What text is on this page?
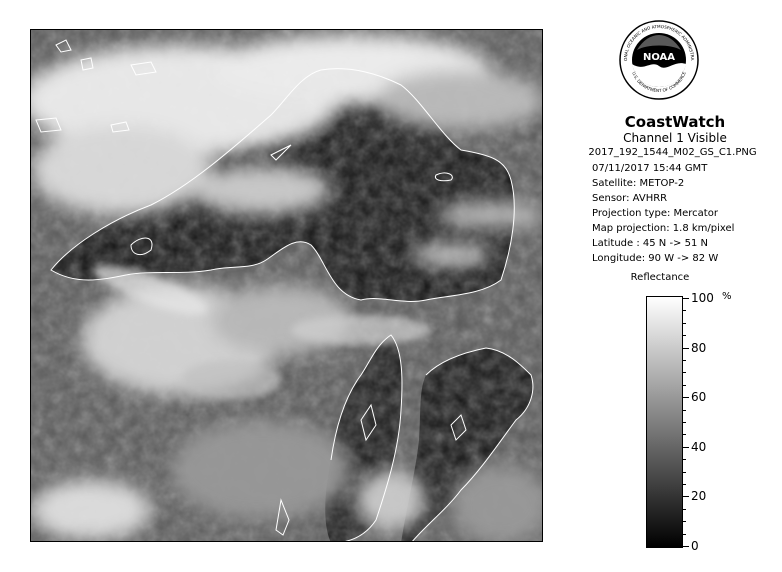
NOAA
ONAL OCEANIC AND ATMOSPHERIC ADMINISTRA
U.S. DEPARTMENT OF COMMERCE
CoastWatch
Channel 1 Visible
2017_192_1544_M02_GS_C1.PNG
07/11/2017 15:44 GMT
Satellite: METOP-2
Sensor: AVHRR
Projection type: Mercator
Map projection: 1.8 km/pixel
Latitude : 45 N -> 51 N
Longitude: 90 W -> 82 W
Reflectance
%
100
80
60
40
20
0
